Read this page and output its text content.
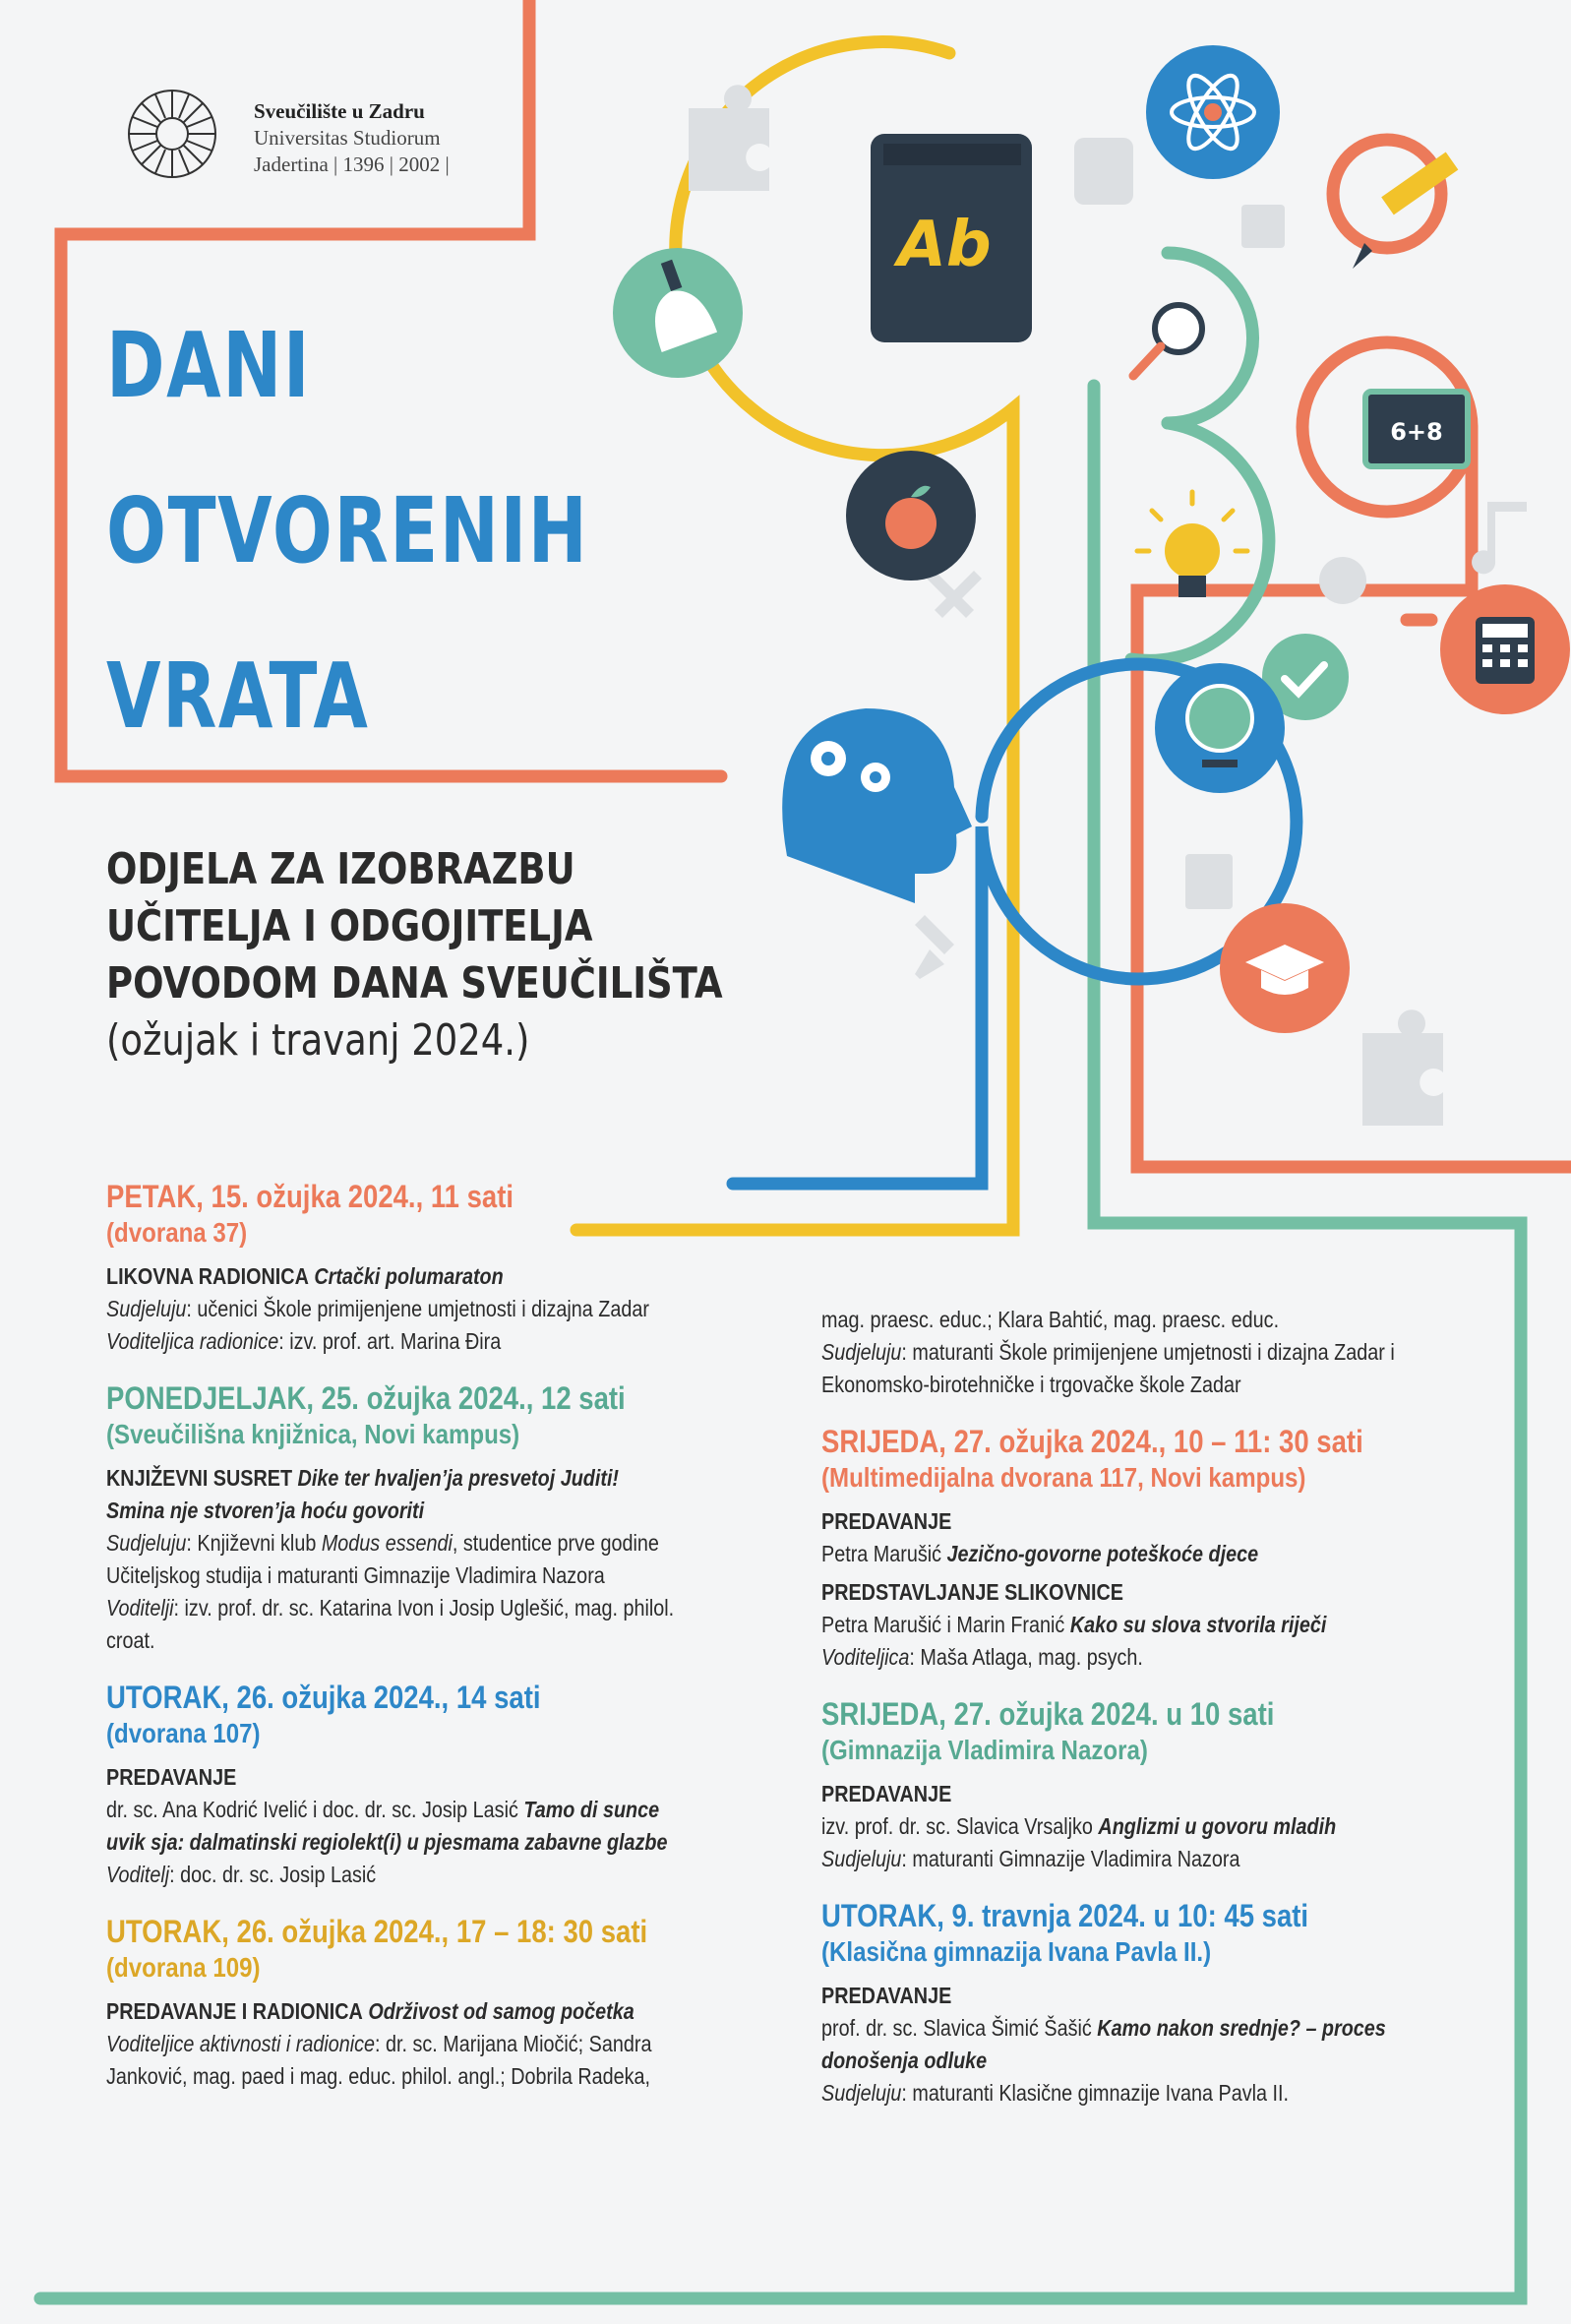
Ab
6+8
Sveučilište u Zadru
Universitas Studiorum
Jadertina | 1396 | 2002 |
DANI
OTVORENIH
VRATA
ODJELA ZA IZOBRAZBU
UČITELJA I ODGOJITELJA
POVODOM DANA SVEUČILIŠTA
(ožujak i travanj 2024.)
PETAK, 15. ožujka 2024., 11 sati
(dvorana 37)
LIKOVNA RADIONICA Crtački polumaraton
Sudjeluju: učenici Škole primijenjene umjetnosti i dizajna Zadar
Voditeljica radionice: izv. prof. art. Marina Đira
PONEDJELJAK, 25. ožujka 2024., 12 sati
(Sveučilišna knjižnica, Novi kampus)
KNJIŽEVNI SUSRET Dike ter hvaljen’ja presvetoj Juditi! Smina nje stvoren’ja hoću govoriti
Sudjeluju: Književni klub Modus essendi, studentice prve godine Učiteljskog studija i maturanti Gimnazije Vladimira Nazora
Voditelji: izv. prof. dr. sc. Katarina Ivon i Josip Uglešić, mag. philol. croat.
UTORAK, 26. ožujka 2024., 14 sati
(dvorana 107)
PREDAVANJE
dr. sc. Ana Kodrić Ivelić i doc. dr. sc. Josip Lasić Tamo di sunce uvik sja: dalmatinski regiolekt(i) u pjesmama zabavne glazbe
Voditelj: doc. dr. sc. Josip Lasić
UTORAK, 26. ožujka 2024., 17 – 18: 30 sati
(dvorana 109)
PREDAVANJE I RADIONICA Održivost od samog početka
Voditeljice aktivnosti i radionice: dr. sc. Marijana Miočić; Sandra Janković, mag. paed i mag. educ. philol. angl.; Dobrila Radeka,
mag. praesc. educ.; Klara Bahtić, mag. praesc. educ.
Sudjeluju: maturanti Škole primijenjene umjetnosti i dizajna Zadar i Ekonomsko-birotehničke i trgovačke škole Zadar
SRIJEDA, 27. ožujka 2024., 10 – 11: 30 sati
(Multimedijalna dvorana 117, Novi kampus)
PREDAVANJE
Petra Marušić Jezično-govorne poteškoće djece
PREDSTAVLJANJE SLIKOVNICE
Petra Marušić i Marin Franić Kako su slova stvorila riječi
Voditeljica: Maša Atlaga, mag. psych.
SRIJEDA, 27. ožujka 2024. u 10 sati
(Gimnazija Vladimira Nazora)
PREDAVANJE
izv. prof. dr. sc. Slavica Vrsaljko Anglizmi u govoru mladih
Sudjeluju: maturanti Gimnazije Vladimira Nazora
UTORAK, 9. travnja 2024. u 10: 45 sati
(Klasična gimnazija Ivana Pavla II.)
PREDAVANJE
prof. dr. sc. Slavica Šimić Šašić Kamo nakon srednje? – proces donošenja odluke
Sudjeluju: maturanti Klasične gimnazije Ivana Pavla II.
